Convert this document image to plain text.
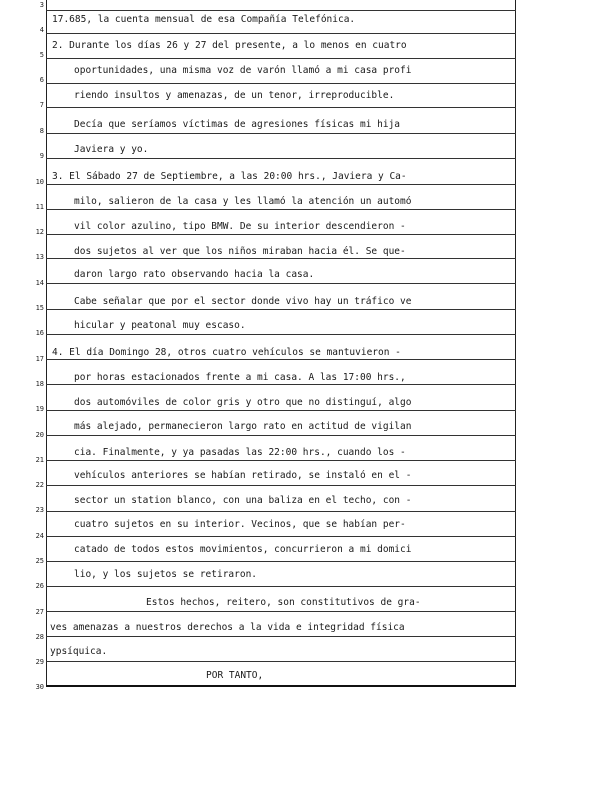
3
4
5
6
7
8
9
10
11
12
13
14
15
16
17
18
19
20
21
22
23
24
25
26
27
28
29
30
17.685, la cuenta mensual de esa Compañía Telefónica.
2. Durante los días 26 y 27 del presente, a lo menos en cuatro
oportunidades, una misma voz de varón llamó a mi casa profi
riendo insultos y amenazas, de un tenor, irreproducible.
Decía que seríamos víctimas de agresiones físicas mi hija
Javiera y yo.
3. El Sábado 27 de Septiembre, a las 20:00 hrs., Javiera y Ca-
milo, salieron de la casa y les llamó la atención un automó
vil color azulino, tipo BMW. De su interior descendieron -
dos sujetos al ver que los niños miraban hacia él. Se que-
daron largo rato observando hacia la casa.
Cabe señalar que por el sector donde vivo hay un tráfico ve
hicular y peatonal muy escaso.
4. El día Domingo 28, otros cuatro vehículos se mantuvieron -
por horas estacionados frente a mi casa. A las 17:00 hrs.,
dos automóviles de color gris y otro que no distinguí, algo
más alejado, permanecieron largo rato en actitud de vigilan
cia. Finalmente, y ya pasadas las 22:00 hrs., cuando los -
vehículos anteriores se habían retirado, se instaló en el -
sector un station blanco, con una baliza en el techo, con -
cuatro sujetos en su interior. Vecinos, que se habían per-
catado de todos estos movimientos, concurrieron a mi domici
lio, y los sujetos se retiraron.
Estos hechos, reitero, son constitutivos de gra-
ves amenazas a nuestros derechos a la vida e integridad física
ypsíquica.
POR TANTO,
